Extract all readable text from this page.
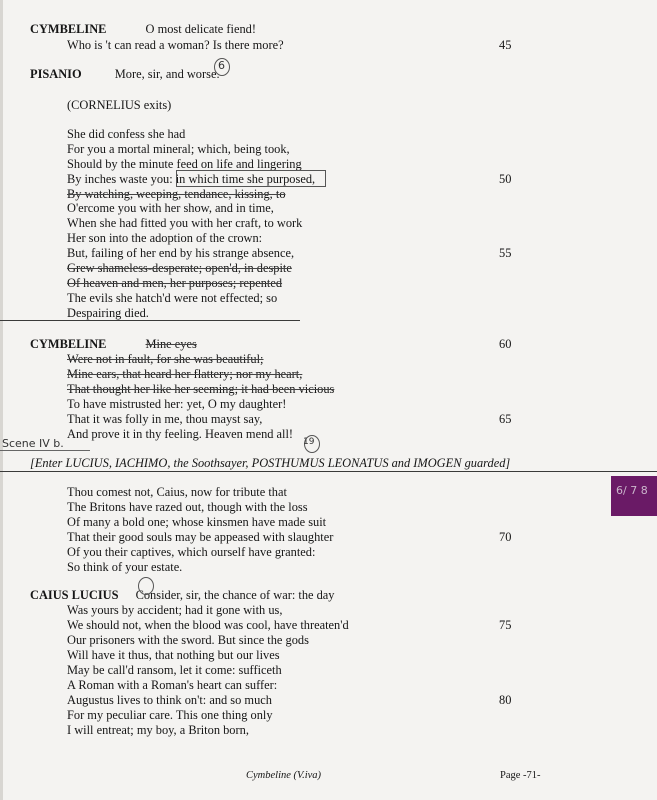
CYMBELINE	O most delicate fiend!
Who is 't can read a woman? Is there more?	45
PISANIO	More, sir, and worse.
6
(CORNELIUS exits)
She did confess she had
For you a mortal mineral; which, being took,
Should by the minute feed on life and lingering
By inches waste you: in which time she purposed,	50
By watching, weeping, tendance, kissing, to
O'ercome you with her show, and in time,
When she had fitted you with her craft, to work
Her son into the adoption of the crown:
But, failing of her end by his strange absence,	55
Grew shameless-desperate; open'd, in despite
Of heaven and men, her purposes; repented
The evils she hatch'd were not effected; so
Despairing died.
CYMBELINE	Mine eyes	60
Were not in fault, for she was beautiful;
Mine ears, that heard her flattery; nor my heart,
That thought her like her seeming; it had been vicious
To have mistrusted her: yet, O my daughter!
That it was folly in me, thou mayst say,	65
And prove it in thy feeling. Heaven mend all!
19
Scene IV b.
[Enter LUCIUS, IACHIMO, the Soothsayer, POSTHUMUS LEONATUS and IMOGEN guarded]
Thou comest not, Caius, now for tribute that
The Britons have razed out, though with the loss
Of many a bold one; whose kinsmen have made suit
That their good souls may be appeased with slaughter	70
Of you their captives, which ourself have granted:
So think of your estate.
CAIUS LUCIUS Consider, sir, the chance of war: the day
Was yours by accident; had it gone with us,
We should not, when the blood was cool, have threaten'd	75
Our prisoners with the sword. But since the gods
Will have it thus, that nothing but our lives
May be call'd ransom, let it come: sufficeth
A Roman with a Roman's heart can suffer:
Augustus lives to think on't: and so much	80
For my peculiar care. This one thing only
I will entreat; my boy, a Briton born,
6/ 7 8
Cymbeline (V.iva)	Page -71-
